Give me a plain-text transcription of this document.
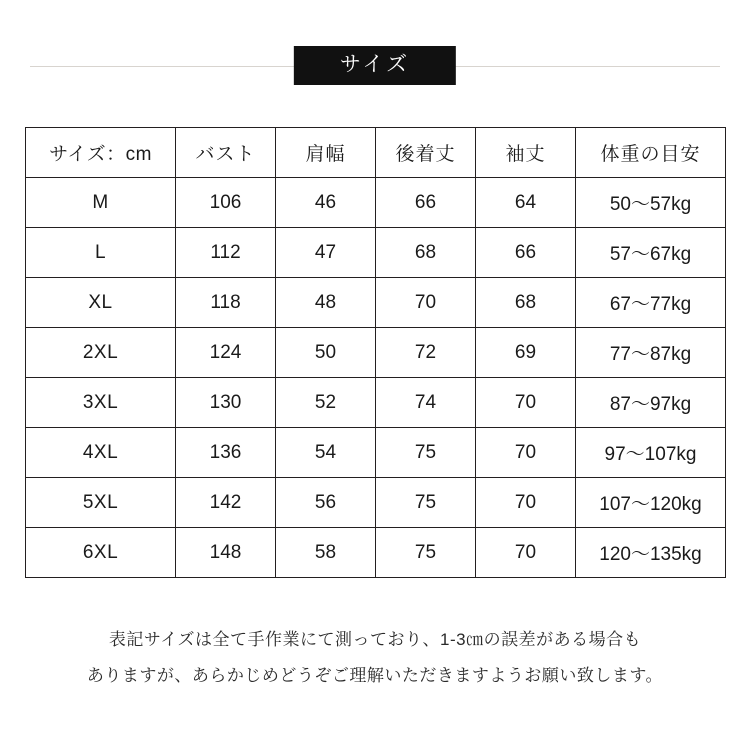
サイズ
サイズ：cm	バスト	肩幅	後着丈	袖丈	体重の目安
M	106	46	66	64	50〜57kg
L	112	47	68	66	57〜67kg
XL	118	48	70	68	67〜77kg
2XL	124	50	72	69	77〜87kg
3XL	130	52	74	70	87〜97kg
4XL	136	54	75	70	97〜107kg
5XL	142	56	75	70	107〜120kg
6XL	148	58	75	70	120〜135kg
表記サイズは全て手作業にて測っており、1-3㎝の誤差がある場合も
ありますが、あらかじめどうぞご理解いただきますようお願い致します。
